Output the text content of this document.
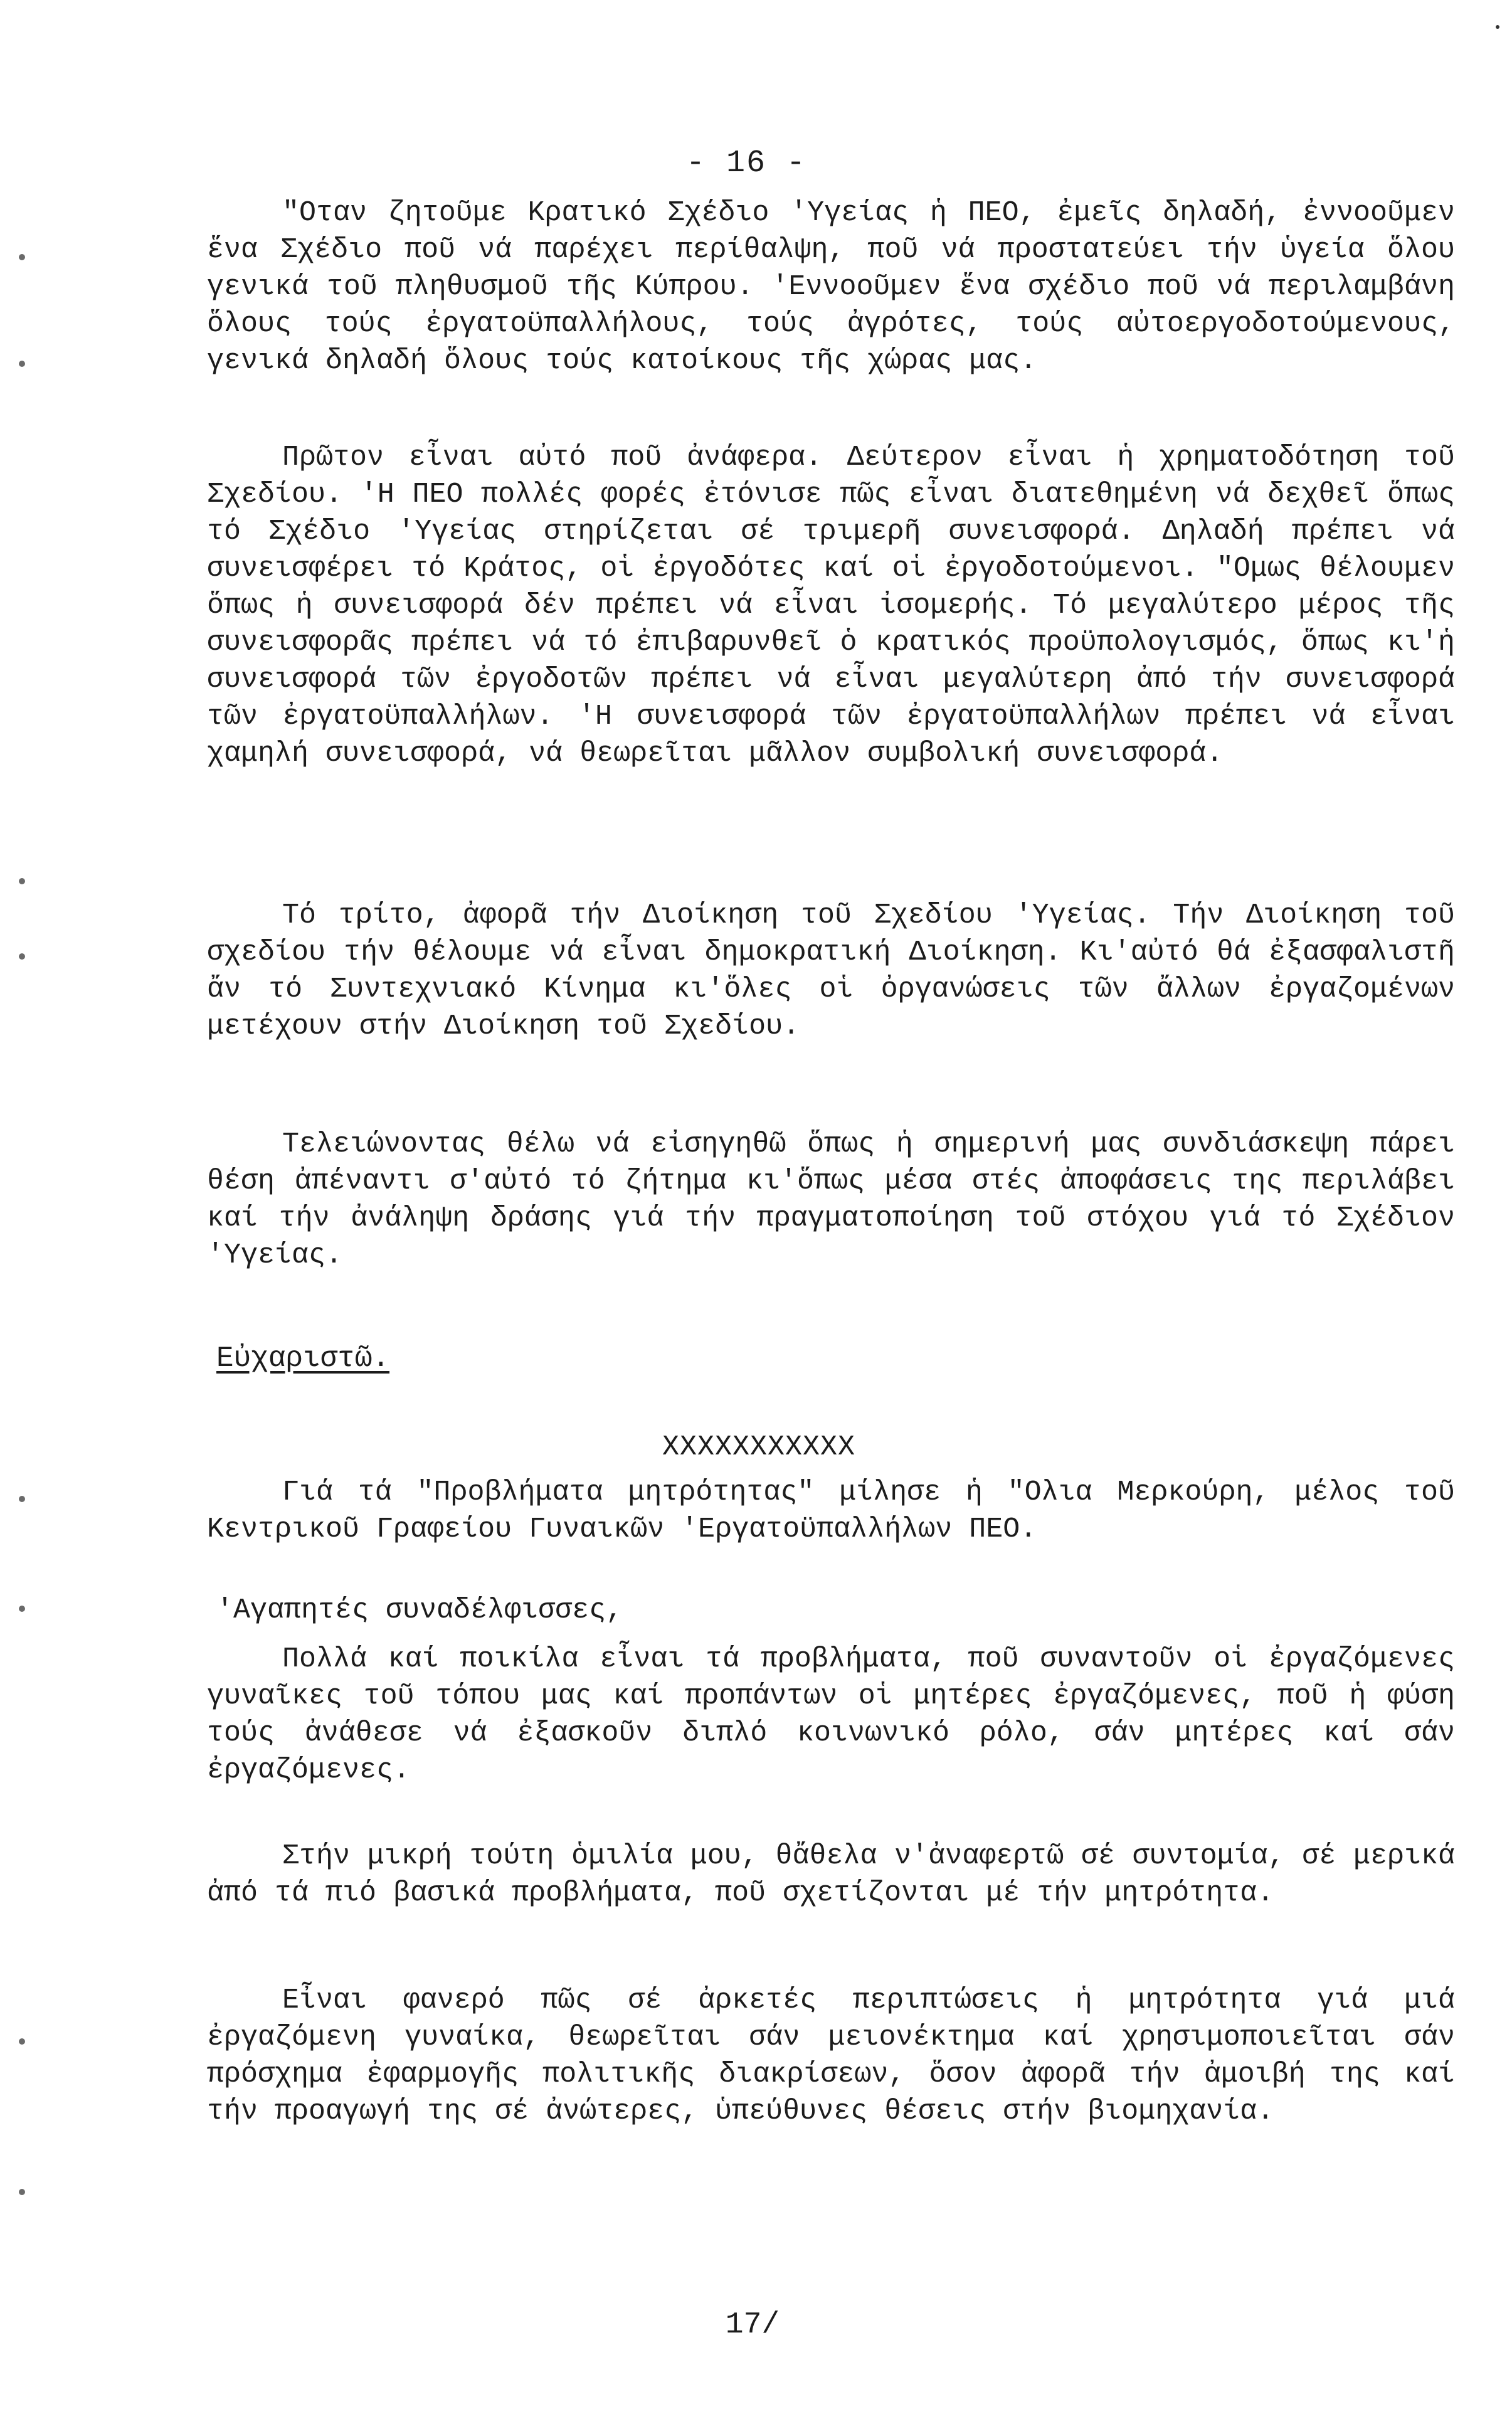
- 16 -

"Οταν ζητοῦμε Κρατικό Σχέδιο 'Υγείας ἡ ΠΕΟ, ἐμεῖς δηλαδή, ἐννοοῦμεν ἕνα Σχέδιο ποῦ νά παρέχει περίθαλψη, ποῦ νά προστατεύει τήν ὑγεία ὅλου γενικά τοῦ πληθυσμοῦ τῆς Κύπρου. 'Εννοοῦμεν ἕνα σχέδιο ποῦ νά περιλαμβάνη ὅλους τούς ἐργατοϋπαλλήλους, τούς ἀγρότες, τούς αὐτοεργοδοτούμενους, γενικά δηλαδή ὅλους τούς κατοίκους τῆς χώρας μας.

Πρῶτον εἶναι αὐτό ποῦ ἀνάφερα. Δεύτερον εἶναι ἡ χρηματοδότηση τοῦ Σχεδίου. 'Η ΠΕΟ πολλές φορές ἐτόνισε πῶς εἶναι διατεθημένη νά δεχθεῖ ὅπως τό Σχέδιο 'Υγείας στηρίζεται σέ τριμερῆ συνεισφορά. Δηλαδή πρέπει νά συνεισφέρει τό Κράτος, οἱ ἐργοδότες καί οἱ ἐργοδοτούμενοι. "Ομως θέλουμεν ὅπως ἡ συνεισφορά δέν πρέπει νά εἶναι ἰσομερής. Τό μεγαλύτερο μέρος τῆς συνεισφορᾶς πρέπει νά τό ἐπιβαρυνθεῖ ὁ κρατικός προϋπολογισμός, ὅπως κι'ἡ συνεισφορά τῶν ἐργοδοτῶν πρέπει νά εἶναι μεγαλύτερη ἀπό τήν συνεισφορά τῶν ἐργατοϋπαλλήλων. 'Η συνεισφορά τῶν ἐργατοϋπαλλήλων πρέπει νά εἶναι χαμηλή συνεισφορά, νά θεωρεῖται μᾶλλον συμβολική συνεισφορά.

Τό τρίτο, ἀφορᾶ τήν Διοίκηση τοῦ Σχεδίου 'Υγείας. Τήν Διοίκηση τοῦ σχεδίου τήν θέλουμε νά εἶναι δημοκρατική Διοίκηση. Κι'αὐτό θά ἐξασφαλιστῆ ἄν τό Συντεχνιακό Κίνημα κι'ὅλες οἱ ὀργανώσεις τῶν ἄλλων ἐργαζομένων μετέχουν στήν Διοίκηση τοῦ Σχεδίου.

Τελειώνοντας θέλω νά εἰσηγηθῶ ὅπως ἡ σημερινή μας συνδιάσκεψη πάρει θέση ἀπέναντι σ'αὐτό τό ζήτημα κι'ὅπως μέσα στές ἀποφάσεις της περιλάβει καί τήν ἀνάληψη δράσης γιά τήν πραγματοποίηση τοῦ στόχου γιά τό Σχέδιον 'Υγείας.

Εὐχαριστῶ.
XXXXXXXXXXX

Γιά τά "Προβλήματα μητρότητας" μίλησε ἡ "Ολια Μερκούρη, μέλος τοῦ Κεντρικοῦ Γραφείου Γυναικῶν 'Εργατοϋπαλλήλων ΠΕΟ.

'Αγαπητές συναδέλφισσες,

Πολλά καί ποικίλα εἶναι τά προβλήματα, ποῦ συναντοῦν οἱ ἐργαζόμενες γυναῖκες τοῦ τόπου μας καί προπάντων οἱ μητέρες ἐργαζόμενες, ποῦ ἡ φύση τούς ἀνάθεσε νά ἐξασκοῦν διπλό κοινωνικό ρόλο, σάν μητέρες καί σάν ἐργαζόμενες.

Στήν μικρή τούτη ὁμιλία μου, θἄθελα ν'ἀναφερτῶ σέ συντομία, σέ μερικά ἀπό τά πιό βασικά προβλήματα, ποῦ σχετίζονται μέ τήν μητρότητα.

Εἶναι φανερό πῶς σέ ἀρκετές περιπτώσεις ἡ μητρότητα γιά μιά ἐργαζόμενη γυναίκα, θεωρεῖται σάν μειονέκτημα καί χρησιμοποιεῖται σάν πρόσχημα ἐφαρμογῆς πολιτικῆς διακρίσεων, ὅσον ἀφορᾶ τήν ἀμοιβή της καί τήν προαγωγή της σέ ἀνώτερες, ὑπεύθυνες θέσεις στήν βιομηχανία.

17/
